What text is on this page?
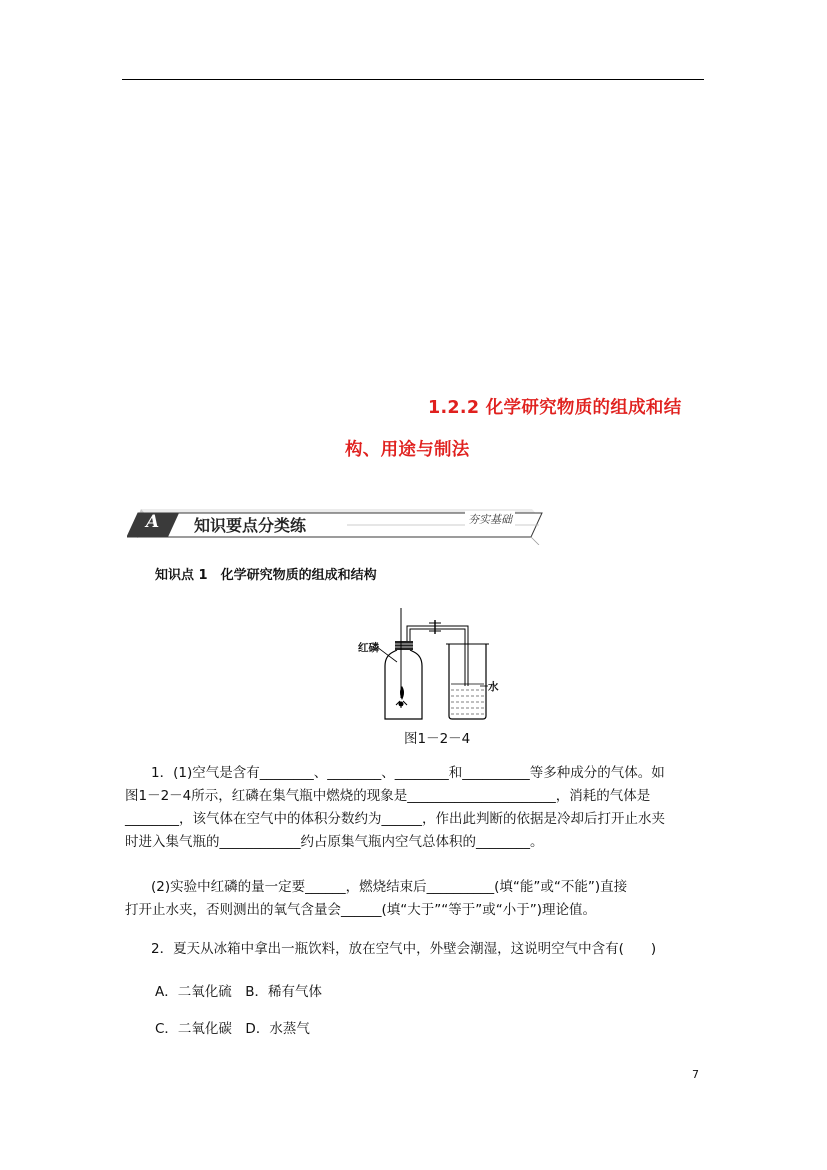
1.2.2 化学研究物质的组成和结
构、用途与制法
A 知识要点分类练	夯实基础
知识点 1　化学研究物质的组成和结构
红磷
水
图1－2－4
1．(1)空气是含有________、________、________和__________等多种成分的气体。如
图1－2－4所示，红磷在集气瓶中燃烧的现象是______________________，消耗的气体是
________，该气体在空气中的体积分数约为______，作出此判断的依据是冷却后打开止水夹
时进入集气瓶的____________约占原集气瓶内空气总体积的________。
(2)实验中红磷的量一定要______，燃烧结束后__________(填“能”或“不能”)直接
打开止水夹，否则测出的氧气含量会______(填“大于”“等于”或“小于”)理论值。
2．夏天从冰箱中拿出一瓶饮料，放在空气中，外壁会潮湿，这说明空气中含有(　　)
A．二氧化硫　B．稀有气体
C．二氧化碳　D．水蒸气
7
